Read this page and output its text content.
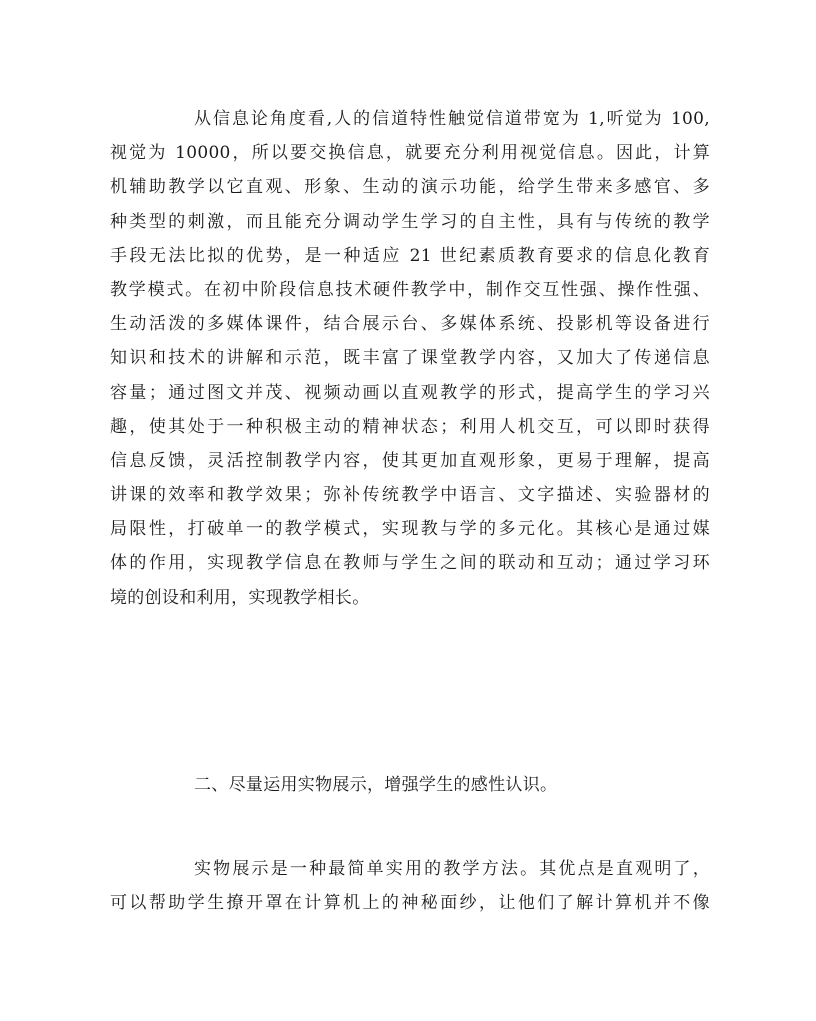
从信息论角度看,人的信道特性触觉信道带宽为 1,听觉为 100,
视觉为 10000，所以要交换信息，就要充分利用视觉信息。因此，计算
机辅助教学以它直观、形象、生动的演示功能，给学生带来多感官、多
种类型的刺激，而且能充分调动学生学习的自主性，具有与传统的教学
手段无法比拟的优势，是一种适应 21 世纪素质教育要求的信息化教育
教学模式。在初中阶段信息技术硬件教学中，制作交互性强、操作性强、
生动活泼的多媒体课件，结合展示台、多媒体系统、投影机等设备进行
知识和技术的讲解和示范，既丰富了课堂教学内容，又加大了传递信息
容量；通过图文并茂、视频动画以直观教学的形式，提高学生的学习兴
趣，使其处于一种积极主动的精神状态；利用人机交互，可以即时获得
信息反馈，灵活控制教学内容，使其更加直观形象，更易于理解，提高
讲课的效率和教学效果；弥补传统教学中语言、文字描述、实验器材的
局限性，打破单一的教学模式，实现教与学的多元化。其核心是通过媒
体的作用，实现教学信息在教师与学生之间的联动和互动；通过学习环
境的创设和利用，实现教学相长。
二、尽量运用实物展示，增强学生的感性认识。
实物展示是一种最简单实用的教学方法。其优点是直观明了，
可以帮助学生撩开罩在计算机上的神秘面纱，让他们了解计算机并不像
